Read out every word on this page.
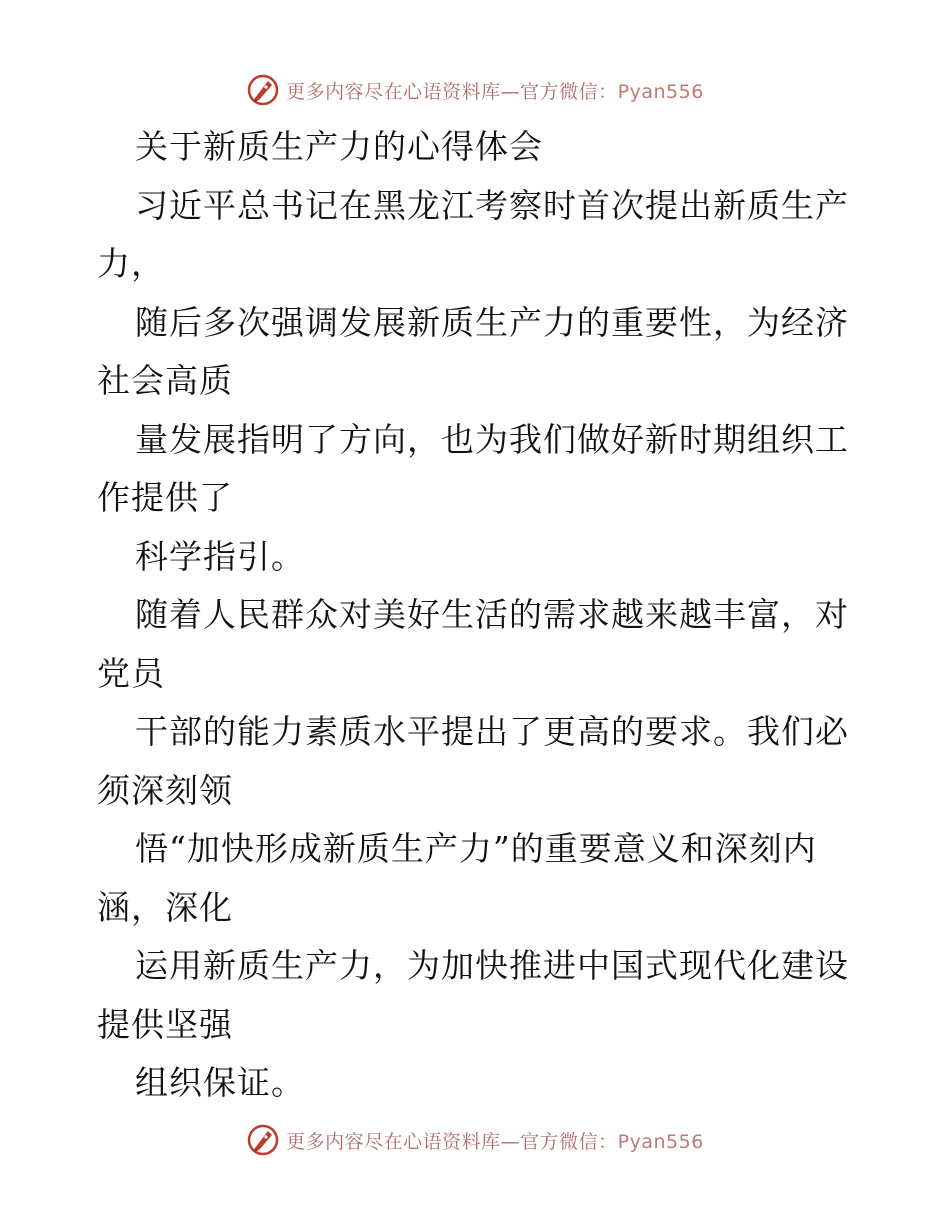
更多内容尽在心语资料库—官方微信：Pyan556
关于新质生产力的心得体会
习近平总书记在黑龙江考察时首次提出新质生产
力，
随后多次强调发展新质生产力的重要性，为经济
社会高质
量发展指明了方向，也为我们做好新时期组织工
作提供了
科学指引。
随着人民群众对美好生活的需求越来越丰富，对
党员
干部的能力素质水平提出了更高的要求。我们必
须深刻领
悟“加快形成新质生产力”的重要意义和深刻内
涵，深化
运用新质生产力，为加快推进中国式现代化建设
提供坚强
组织保证。
更多内容尽在心语资料库—官方微信：Pyan556
